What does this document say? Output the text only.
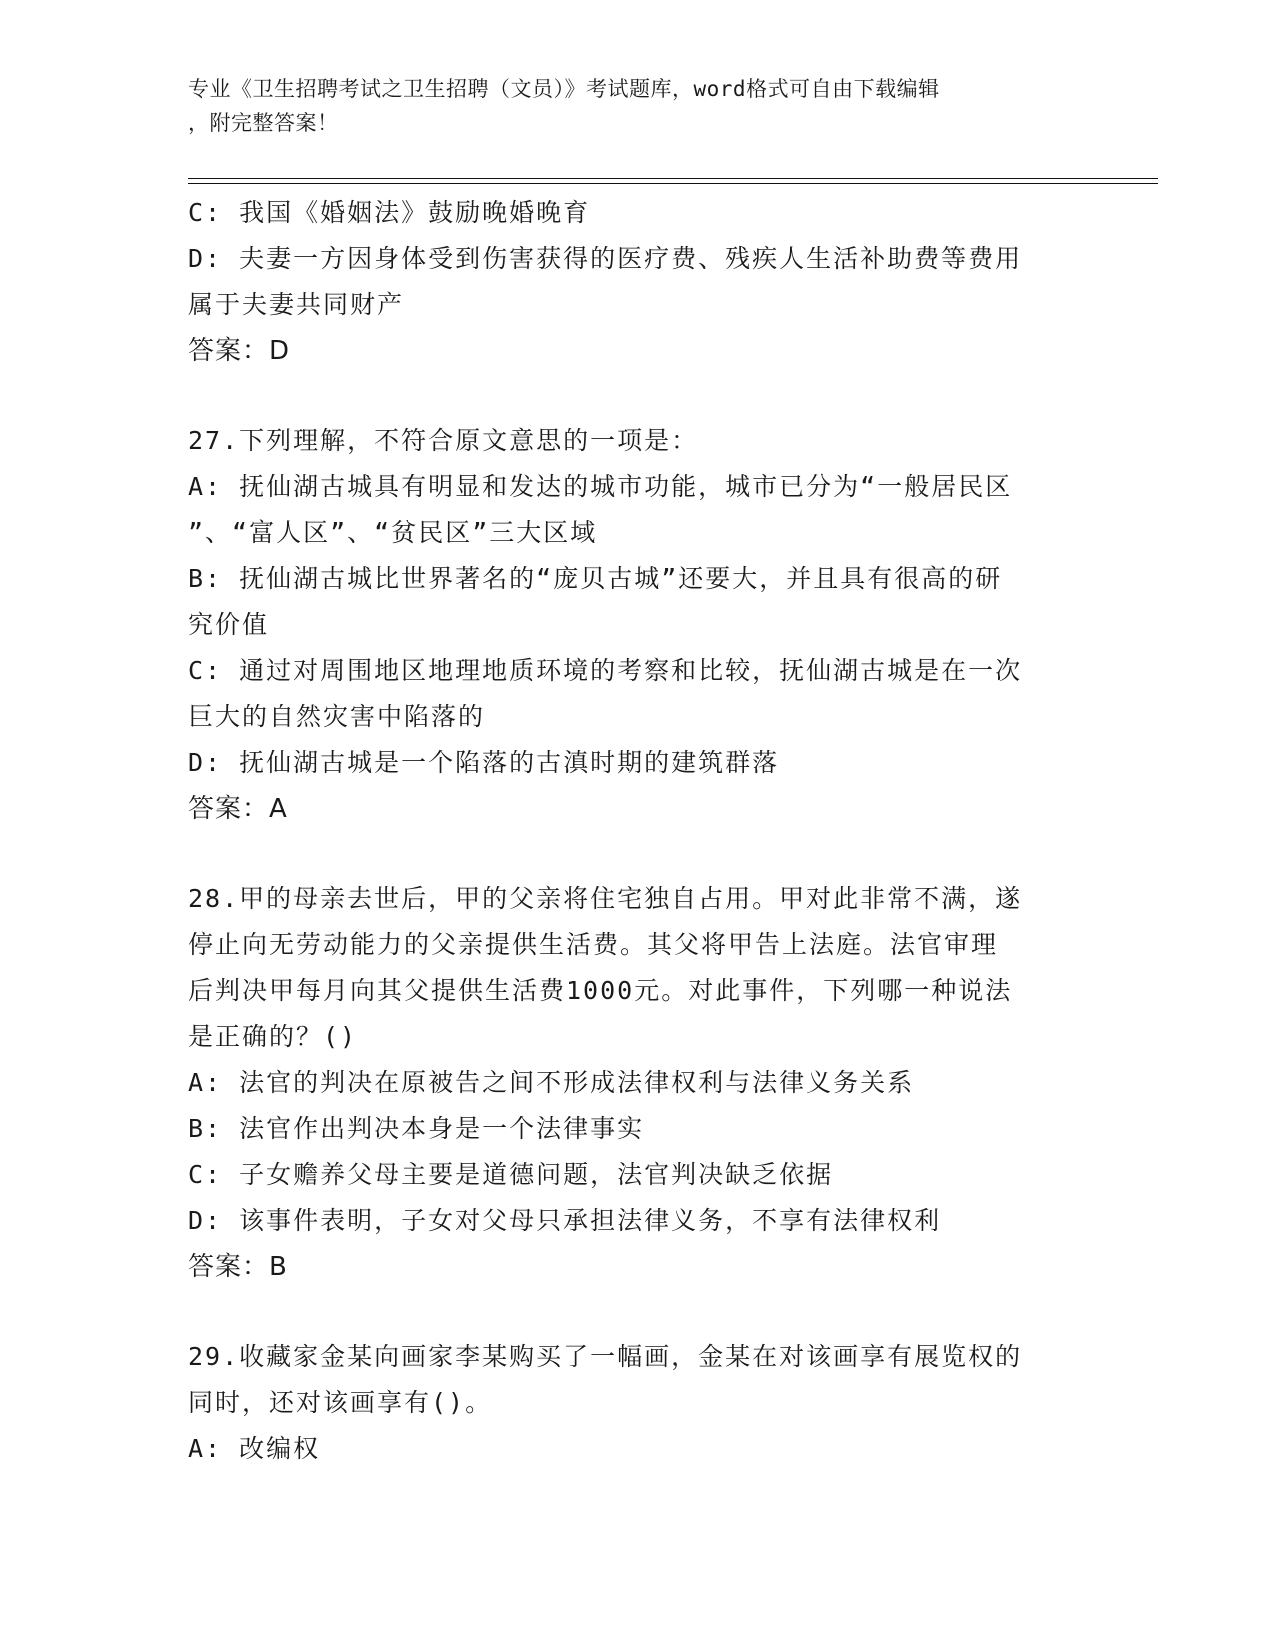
专业《卫生招聘考试之卫生招聘（文员）》考试题库，word格式可自由下载编辑
，附完整答案！
C: 我国《婚姻法》鼓励晚婚晚育
D: 夫妻一方因身体受到伤害获得的医疗费、残疾人生活补助费等费用
属于夫妻共同财产
答案：D
27.下列理解，不符合原文意思的一项是：
A: 抚仙湖古城具有明显和发达的城市功能，城市已分为“一般居民区
”、“富人区”、“贫民区”三大区域
B: 抚仙湖古城比世界著名的“庞贝古城”还要大，并且具有很高的研
究价值
C: 通过对周围地区地理地质环境的考察和比较，抚仙湖古城是在一次
巨大的自然灾害中陷落的
D: 抚仙湖古城是一个陷落的古滇时期的建筑群落
答案：A
28.甲的母亲去世后，甲的父亲将住宅独自占用。甲对此非常不满，遂
停止向无劳动能力的父亲提供生活费。其父将甲告上法庭。法官审理
后判决甲每月向其父提供生活费1000元。对此事件，下列哪一种说法
是正确的？()
A: 法官的判决在原被告之间不形成法律权利与法律义务关系
B: 法官作出判决本身是一个法律事实
C: 子女赡养父母主要是道德问题，法官判决缺乏依据
D: 该事件表明，子女对父母只承担法律义务，不享有法律权利
答案：B
29.收藏家金某向画家李某购买了一幅画，金某在对该画享有展览权的
同时，还对该画享有()。
A: 改编权
